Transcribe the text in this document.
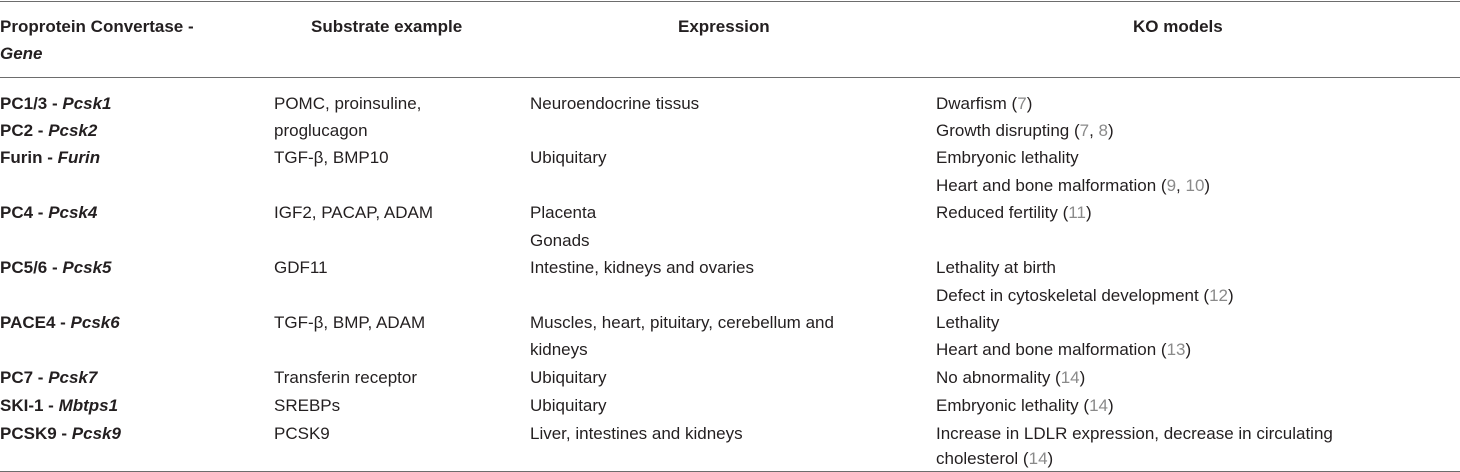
Proprotein Convertase -
Gene
Substrate example	Expression	KO models
PC1/3 - Pcsk1
PC2 - Pcsk2
Furin - Furin
PC4 - Pcsk4
PC5/6 - Pcsk5
PACE4 - Pcsk6
PC7 - Pcsk7
SKI-1 - Mbtps1
PCSK9 - Pcsk9
POMC, proinsuline,
proglucagon
TGF-β, BMP10
IGF2, PACAP, ADAM
GDF11
TGF-β, BMP, ADAM
Transferin receptor
SREBPs
PCSK9
Neuroendocrine tissus
Ubiquitary
Placenta
Gonads
Intestine, kidneys and ovaries
Muscles, heart, pituitary, cerebellum and
kidneys
Ubiquitary
Ubiquitary
Liver, intestines and kidneys
Dwarfism (7)
Growth disrupting (7, 8)
Embryonic lethality
Heart and bone malformation (9, 10)
Reduced fertility (11)
Lethality at birth
Defect in cytoskeletal development (12)
Lethality
Heart and bone malformation (13)
No abnormality (14)
Embryonic lethality (14)
Increase in LDLR expression, decrease in circulating
cholesterol (14)
